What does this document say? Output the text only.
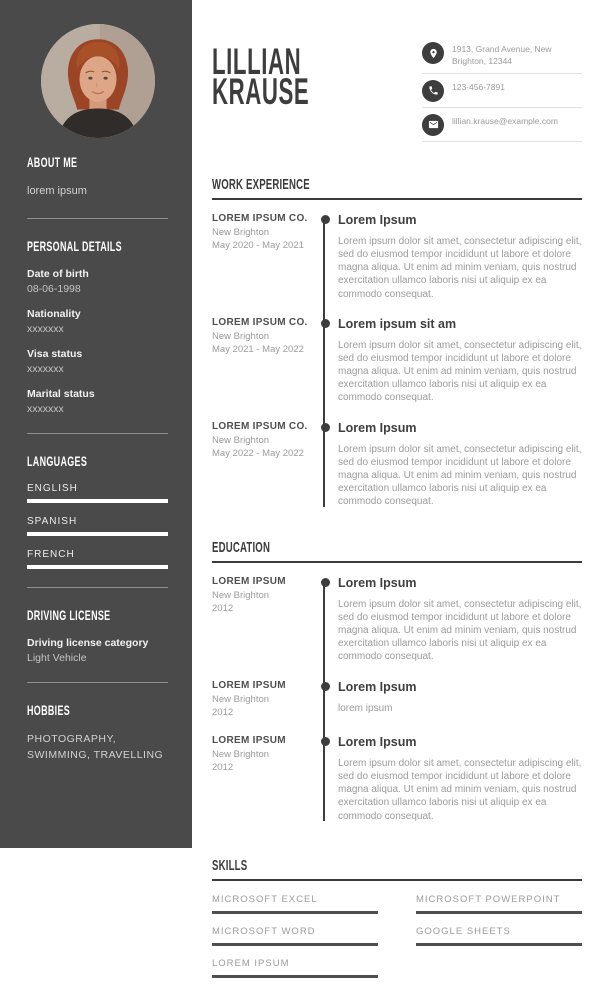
ABOUT ME

lorem ipsum

PERSONAL DETAILS
Date of birth
08-06-1998
Nationality
xxxxxxx
Visa status
xxxxxxx
Marital status
xxxxxxx
LANGUAGES
ENGLISH
SPANISH
FRENCH
DRIVING LICENSE
Driving license category
Light Vehicle
HOBBIES

PHOTOGRAPHY, SWIMMING, TRAVELLING

LILLIAN
KRAUSE
1913, Grand Avenue, New Brighton, 12344
123-456-7891
lillian.krause@example.com
WORK EXPERIENCE
LOREM IPSUM CO.
New Brighton
May 2020 - May 2021
Lorem Ipsum

Lorem ipsum dolor sit amet, consectetur adipiscing elit, sed do eiusmod tempor incididunt ut labore et dolore magna aliqua. Ut enim ad minim veniam, quis nostrud exercitation ullamco laboris nisi ut aliquip ex ea commodo consequat.

LOREM IPSUM CO.
New Brighton
May 2021 - May 2022
Lorem ipsum sit am

Lorem ipsum dolor sit amet, consectetur adipiscing elit, sed do eiusmod tempor incididunt ut labore et dolore magna aliqua. Ut enim ad minim veniam, quis nostrud exercitation ullamco laboris nisi ut aliquip ex ea commodo consequat.

LOREM IPSUM CO.
New Brighton
May 2022 - May 2022
Lorem Ipsum

Lorem ipsum dolor sit amet, consectetur adipiscing elit, sed do eiusmod tempor incididunt ut labore et dolore magna aliqua. Ut enim ad minim veniam, quis nostrud exercitation ullamco laboris nisi ut aliquip ex ea commodo consequat.

EDUCATION
LOREM IPSUM
New Brighton
2012
Lorem Ipsum

Lorem ipsum dolor sit amet, consectetur adipiscing elit, sed do eiusmod tempor incididunt ut labore et dolore magna aliqua. Ut enim ad minim veniam, quis nostrud exercitation ullamco laboris nisi ut aliquip ex ea commodo consequat.

LOREM IPSUM
New Brighton
2012
Lorem Ipsum

lorem ipsum

LOREM IPSUM
New Brighton
2012
Lorem Ipsum

Lorem ipsum dolor sit amet, consectetur adipiscing elit, sed do eiusmod tempor incididunt ut labore et dolore magna aliqua. Ut enim ad minim veniam, quis nostrud exercitation ullamco laboris nisi ut aliquip ex ea commodo consequat.

SKILLS
MICROSOFT EXCEL
MICROSOFT WORD
LOREM IPSUM
MICROSOFT POWERPOINT
GOOGLE SHEETS
